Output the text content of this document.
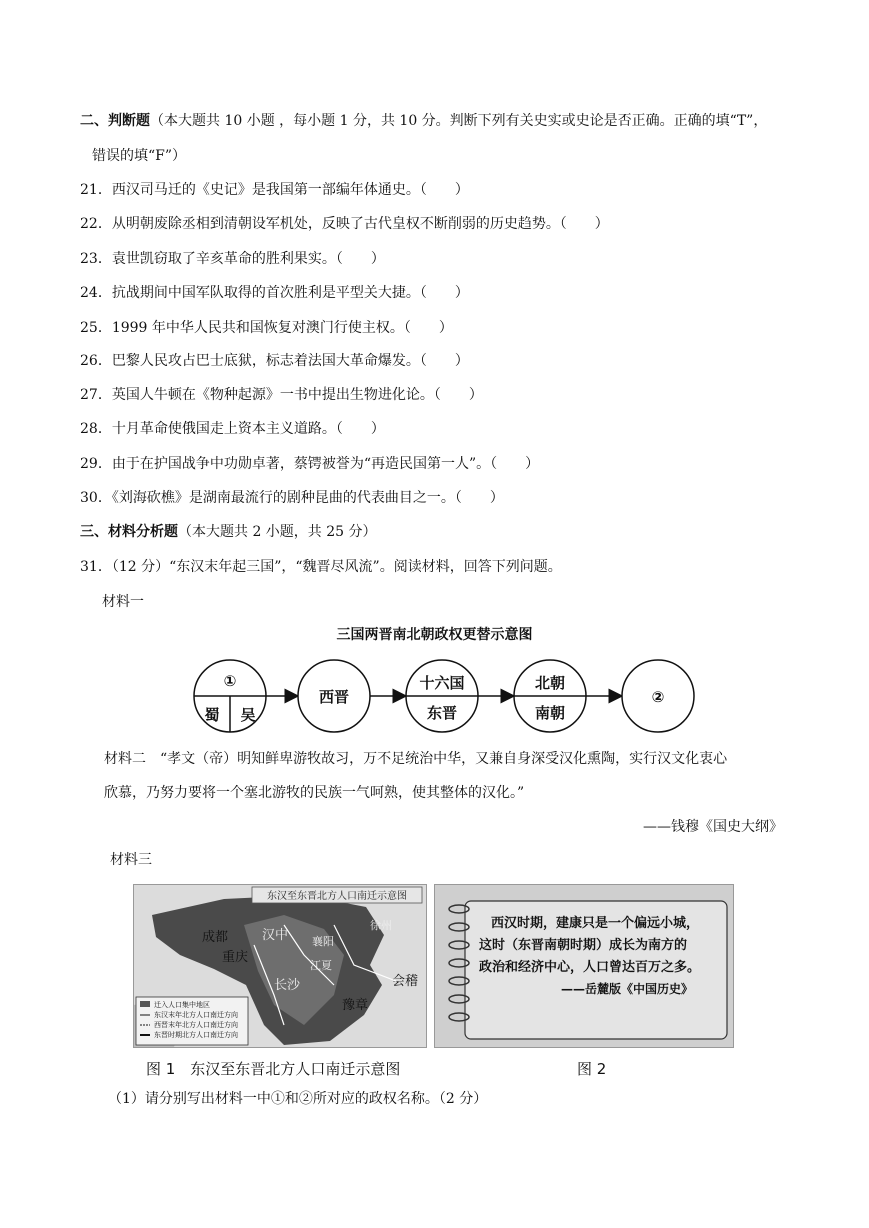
二、判断题（本大题共 10 小题 ，每小题 1 分，共 10 分。判断下列有关史实或史论是否正确。正确的填“T”，
错误的填“F”）
21．西汉司马迁的《史记》是我国第一部编年体通史。（　　）
22．从明朝废除丞相到清朝设军机处，反映了古代皇权不断削弱的历史趋势。（　　）
23．袁世凯窃取了辛亥革命的胜利果实。（　　）
24．抗战期间中国军队取得的首次胜利是平型关大捷。（　　）
25．1999 年中华人民共和国恢复对澳门行使主权。（　　）
26．巴黎人民攻占巴士底狱，标志着法国大革命爆发。（　　）
27．英国人牛顿在《物种起源》一书中提出生物进化论。（　　）
28．十月革命使俄国走上资本主义道路。（　　）
29．由于在护国战争中功勋卓著，蔡锷被誉为“再造民国第一人”。（　　）
30．《刘海砍樵》是湖南最流行的剧种昆曲的代表曲目之一。（　　）
三、材料分析题（本大题共 2 小题，共 25 分）
31．（12 分）“东汉末年起三国”，“魏晋尽风流”。阅读材料，回答下列问题。
材料一
三国两晋南北朝政权更替示意图
①
蜀 吴
西晋
十六国
东晋
北朝
南朝
②
材料二　“孝文（帝）明知鲜卑游牧故习，万不足统治中华，又兼自身深受汉化熏陶，实行汉文化衷心
欣慕，乃努力要将一个塞北游牧的民族一气呵熟，使其整体的汉化。”
——钱穆《国史大纲》
材料三
东汉至东晋北方人口南迁示意图
成都
重庆
长沙
豫章
会稽
汉中
徐州
江夏
襄阳
迁入人口集中地区
东汉末年北方人口南迁方向
西晋末年北方人口南迁方向
东晋时期北方人口南迁方向
西汉时期，建康只是一个偏远小城，
这时（东晋南朝时期）成长为南方的
政治和经济中心，人口曾达百万之多。
——岳麓版《中国历史》
图 1　东汉至东晋北方人口南迁示意图	图 2
（1）请分别写出材料一中①和②所对应的政权名称。（2 分）
